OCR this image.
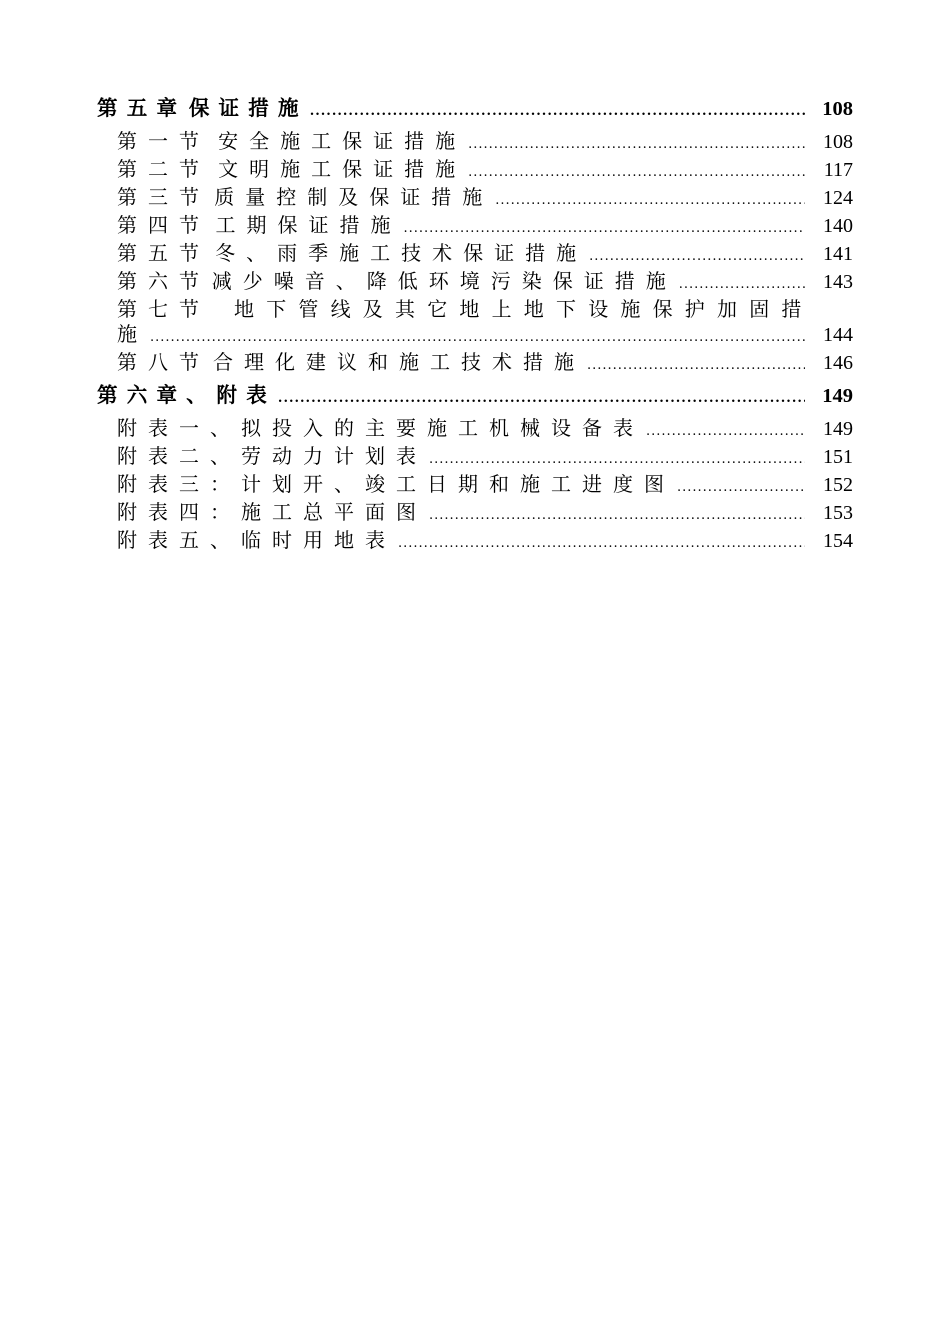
第五章 保证措施 .....	108
第一节 安全施工保证措施 .....	108
第二节 文明施工保证措施 .....	117
第三节 质量控制及保证措施 .....	124
第四节 工期保证措施 .....	140
第五节 冬、雨季施工技术保证措施 .....	141
第六节 减少噪音、降低环境污染保证措施 .....	143
第七节 地下管线及其它地上地下设施保护加固措
施 .....	144
第八节 合理化建议和施工技术措施 .....	146
第六章、 附表 .....	149
附表一、拟投入的主要施工机械设备表 .....	149
附表二、劳动力计划表 .....	151
附表三：计划开、竣工日期和施工进度图 .....	152
附表四：施工总平面图 .....	153
附表五、临时用地表 .....	154
